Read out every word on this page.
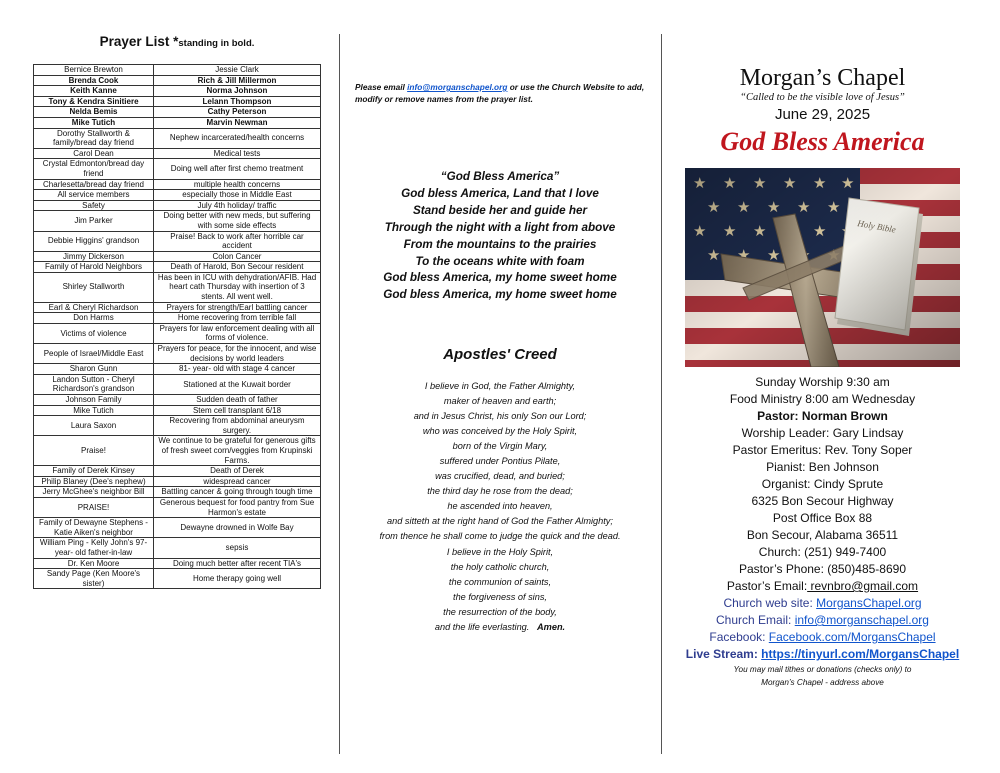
Prayer List *standing in bold.
Bernice Brewton	Jessie Clark
Brenda Cook	Rich & Jill Millermon
Keith Kanne	Norma Johnson
Tony & Kendra Sinitiere	Lelann Thompson
Nelda Bemis	Cathy Peterson
Mike Tutich	Marvin Newman
Dorothy Stallworth & family/bread day friend	Nephew incarcerated/health concerns
Carol Dean	Medical tests
Crystal Edmonton/bread day friend	Doing well after first chemo treatment
Charlesetta/bread day friend	multiple health concerns
All service members	especially those in Middle East
Safety	July 4th holiday/ traffic
Jim Parker	Doing better with new meds, but suffering with some side effects
Debbie Higgins' grandson	Praise! Back to work after horrible car accident
Jimmy Dickerson	Colon Cancer
Family of Harold Neighbors	Death of Harold, Bon Secour resident
Shirley Stallworth	Has been in ICU with dehydration/AFIB. Had heart cath Thursday with insertion of 3 stents. All went well.
Earl & Cheryl Richardson	Prayers for strength/Earl battling cancer
Don Harms	Home recovering from terrible fall
Victims of violence	Prayers for law enforcement dealing with all forms of violence.
People of Israel/Middle East	Prayers for peace, for the innocent, and wise decisions by world leaders
Sharon Gunn	81- year- old with stage 4 cancer
Landon Sutton - Cheryl Richardson's grandson	Stationed at the Kuwait border
Johnson Family	Sudden death of father
Mike Tutich	Stem cell transplant 6/18
Laura Saxon	Recovering from abdominal aneurysm surgery.
Praise!	We continue to be grateful for generous gifts of fresh sweet corn/veggies from Krupinski Farms.
Family of Derek Kinsey	Death of Derek
Philip Blaney (Dee's nephew)	widespread cancer
Jerry McGhee's neighbor Bill	Battling cancer & going through tough time
PRAISE!	Generous bequest for food pantry from Sue Harmon's estate
Family of Dewayne Stephens - Katie Aiken's neighbor	Dewayne drowned in Wolfe Bay
William Ping - Kelly John's 97- year- old father-in-law	sepsis
Dr. Ken Moore	Doing much better after recent TIA's
Sandy Page (Ken Moore's sister)	Home therapy going well
Please email info@morganschapel.org or use the Church Website to add, modify or remove names from the prayer list.
“God Bless America”
God bless America, Land that I love
Stand beside her and guide her
Through the night with a light from above
From the mountains to the prairies
To the oceans white with foam
God bless America, my home sweet home
God bless America, my home sweet home
Apostles' Creed
I believe in God, the Father Almighty,
maker of heaven and earth;
and in Jesus Christ, his only Son our Lord;
who was conceived by the Holy Spirit,
born of the Virgin Mary,
suffered under Pontius Pilate,
was crucified, dead, and buried;
the third day he rose from the dead;
he ascended into heaven,
and sitteth at the right hand of God the Father Almighty;
from thence he shall come to judge the quick and the dead.
I believe in the Holy Spirit,
the holy catholic church,
the communion of saints,
the forgiveness of sins,
the resurrection of the body,
and the life everlasting. Amen.
Morgan’s Chapel
“Called to be the visible love of Jesus”
June 29, 2025
God Bless America
Sunday Worship 9:30 am
Food Ministry 8:00 am Wednesday
Pastor: Norman Brown
Worship Leader: Gary Lindsay
Pastor Emeritus: Rev. Tony Soper
Pianist: Ben Johnson
Organist: Cindy Sprute
6325 Bon Secour Highway
Post Office Box 88
Bon Secour, Alabama 36511
Church: (251) 949-7400
Pastor’s Phone: (850)485-8690
Pastor’s Email: revnbro@gmail.com
Church web site: MorgansChapel.org
Church Email: info@morganschapel.org
Facebook: Facebook.com/MorgansChapel
Live Stream: https://tinyurl.com/MorgansChapel
You may mail tithes or donations (checks only) to
Morgan’s Chapel - address above
